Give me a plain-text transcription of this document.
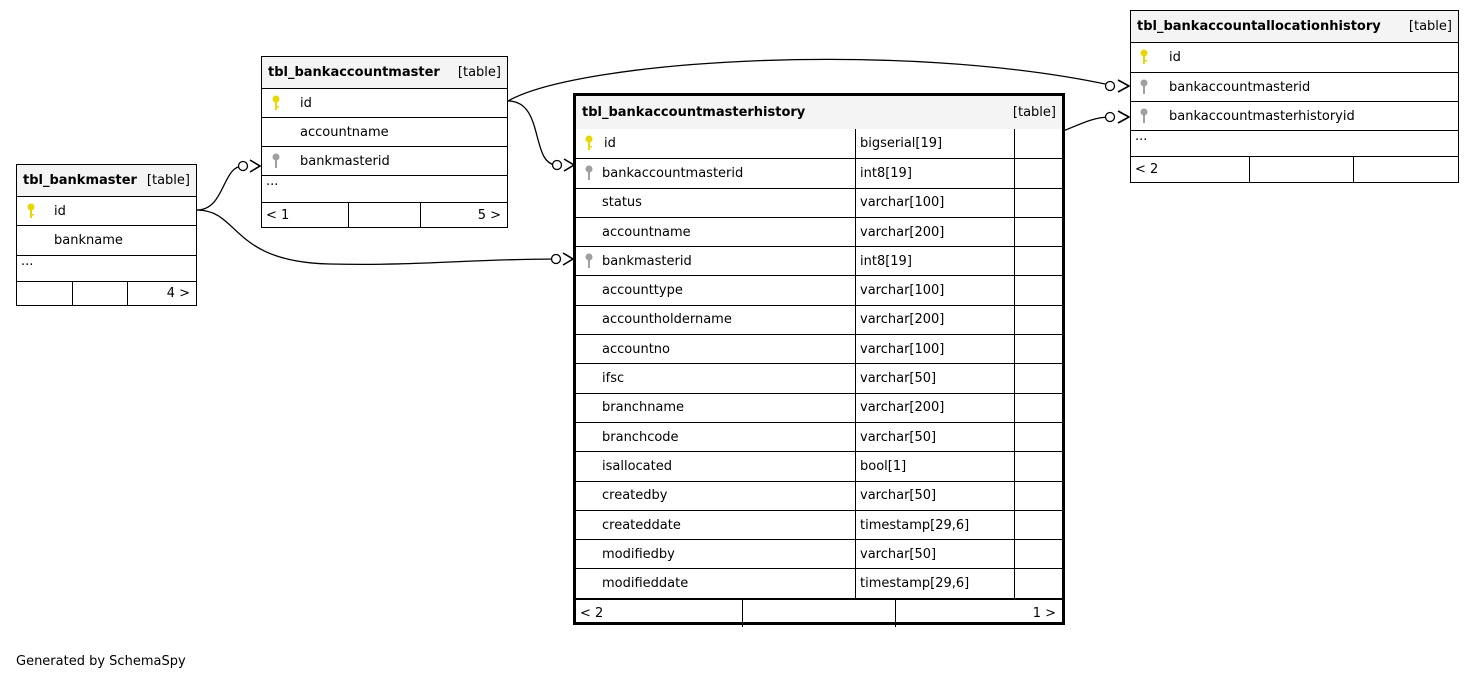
tbl_bankmaster [table]
id
bankname
...
4 >
tbl_bankaccountmaster [table]
id
accountname
bankmasterid
...
< 1	5 >
tbl_bankaccountmasterhistory	[table]
id	bigserial[19]
bankaccountmasterid	int8[19]
status	varchar[100]
accountname	varchar[200]
bankmasterid	int8[19]
accounttype	varchar[100]
accountholdername	varchar[200]
accountno	varchar[100]
ifsc	varchar[50]
branchname	varchar[200]
branchcode	varchar[50]
isallocated	bool[1]
createdby	varchar[50]
createddate	timestamp[29,6]
modifiedby	varchar[50]
modifieddate	timestamp[29,6]
< 2	1 >
tbl_bankaccountallocationhistory [table]
id
bankaccountmasterid
bankaccountmasterhistoryid
...
< 2
Generated by SchemaSpy
